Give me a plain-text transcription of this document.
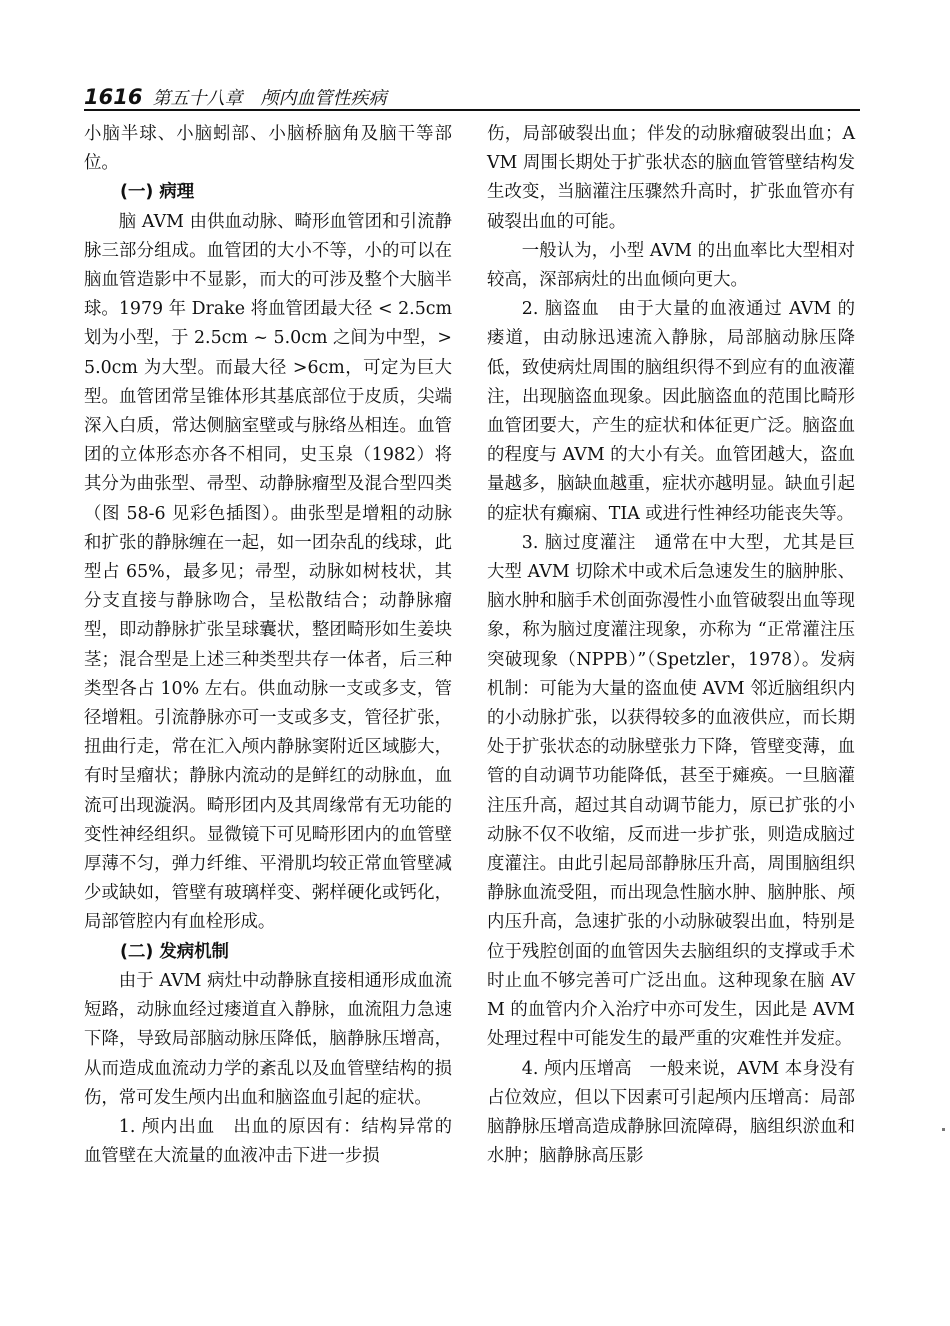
1616 第五十八章　颅内血管性疾病

小脑半球、小脑蚓部、小脑桥脑角及脑干等部位。

(一) 病理

脑 AVM 由供血动脉、畸形血管团和引流静脉三部分组成。血管团的大小不等，小的可以在脑血管造影中不显影，而大的可涉及整个大脑半球。1979 年 Drake 将血管团最大径 < 2.5cm 划为小型，于 2.5cm ~ 5.0cm 之间为中型，>5.0cm 为大型。而最大径 >6cm，可定为巨大型。血管团常呈锥体形其基底部位于皮质，尖端深入白质，常达侧脑室壁或与脉络丛相连。血管团的立体形态亦各不相同，史玉泉（1982）将其分为曲张型、帚型、动静脉瘤型及混合型四类（图 58-6 见彩色插图）。曲张型是增粗的动脉和扩张的静脉缠在一起，如一团杂乱的线球，此型占 65%，最多见；帚型，动脉如树枝状，其分支直接与静脉吻合，呈松散结合；动静脉瘤型，即动静脉扩张呈球囊状，整团畸形如生姜块茎；混合型是上述三种类型共存一体者，后三种类型各占 10% 左右。供血动脉一支或多支，管径增粗。引流静脉亦可一支或多支，管径扩张，扭曲行走，常在汇入颅内静脉窦附近区域膨大，有时呈瘤状；静脉内流动的是鲜红的动脉血，血流可出现漩涡。畸形团内及其周缘常有无功能的变性神经组织。显微镜下可见畸形团内的血管壁厚薄不匀，弹力纤维、平滑肌均较正常血管壁减少或缺如，管壁有玻璃样变、粥样硬化或钙化，局部管腔内有血栓形成。

(二) 发病机制

由于 AVM 病灶中动静脉直接相通形成血流短路，动脉血经过瘘道直入静脉，血流阻力急速下降，导致局部脑动脉压降低，脑静脉压增高，从而造成血流动力学的紊乱以及血管壁结构的损伤，常可发生颅内出血和脑盗血引起的症状。

1. 颅内出血　出血的原因有：结构异常的血管壁在大流量的血液冲击下进一步损

伤，局部破裂出血；伴发的动脉瘤破裂出血；AVM 周围长期处于扩张状态的脑血管管壁结构发生改变，当脑灌注压骤然升高时，扩张血管亦有破裂出血的可能。

一般认为，小型 AVM 的出血率比大型相对较高，深部病灶的出血倾向更大。

2. 脑盗血　由于大量的血液通过 AVM 的瘘道，由动脉迅速流入静脉，局部脑动脉压降低，致使病灶周围的脑组织得不到应有的血液灌注，出现脑盗血现象。因此脑盗血的范围比畸形血管团要大，产生的症状和体征更广泛。脑盗血的程度与 AVM 的大小有关。血管团越大，盗血量越多，脑缺血越重，症状亦越明显。缺血引起的症状有癫痫、TIA 或进行性神经功能丧失等。

3. 脑过度灌注　通常在中大型，尤其是巨大型 AVM 切除术中或术后急速发生的脑肿胀、脑水肿和脑手术创面弥漫性小血管破裂出血等现象，称为脑过度灌注现象，亦称为 “正常灌注压突破现象（NPPB）”（Spetzler，1978）。发病机制：可能为大量的盗血使 AVM 邻近脑组织内的小动脉扩张，以获得较多的血液供应，而长期处于扩张状态的动脉壁张力下降，管壁变薄，血管的自动调节功能降低，甚至于瘫痪。一旦脑灌注压升高，超过其自动调节能力，原已扩张的小动脉不仅不收缩，反而进一步扩张，则造成脑过度灌注。由此引起局部静脉压升高，周围脑组织静脉血流受阻，而出现急性脑水肿、脑肿胀、颅内压升高，急速扩张的小动脉破裂出血，特别是位于残腔创面的血管因失去脑组织的支撑或手术时止血不够完善可广泛出血。这种现象在脑 AVM 的血管内介入治疗中亦可发生，因此是 AVM 处理过程中可能发生的最严重的灾难性并发症。

4. 颅内压增高　一般来说，AVM 本身没有占位效应，但以下因素可引起颅内压增高：局部脑静脉压增高造成静脉回流障碍，脑组织淤血和水肿；脑静脉高压影
